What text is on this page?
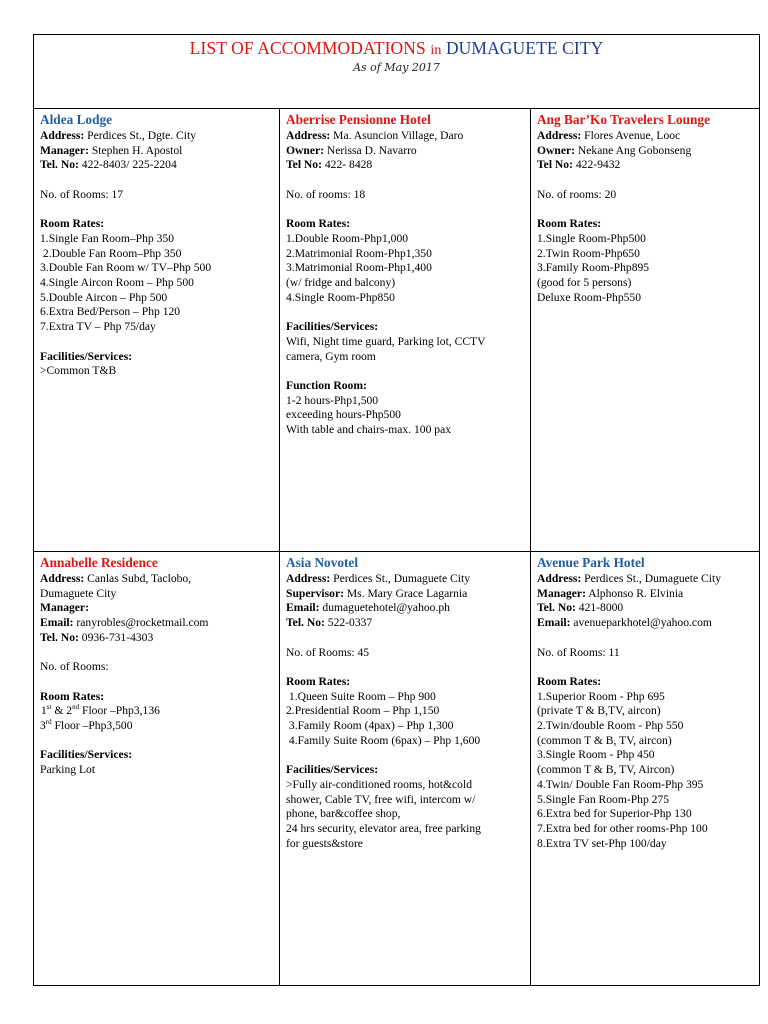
LIST OF ACCOMMODATIONS in DUMAGUETE CITY
As of May 2017
Aldea Lodge
Address: Perdices St., Dgte. City
Manager: Stephen H. Apostol
Tel. No: 422-8403/ 225-2204
No. of Rooms: 17
Room Rates:
1.Single Fan Room–Php 350
2.Double Fan Room–Php 350
3.Double Fan Room w/ TV–Php 500
4.Single Aircon Room – Php 500
5.Double Aircon – Php 500
6.Extra Bed/Person – Php 120
7.Extra TV – Php 75/day
Facilities/Services:
>Common T&B
Aberrise Pensionne Hotel
Address: Ma. Asuncion Village, Daro
Owner: Nerissa D. Navarro
Tel No: 422- 8428
No. of rooms: 18
Room Rates:
1.Double Room-Php1,000
2.Matrimonial Room-Php1,350
3.Matrimonial Room-Php1,400
(w/ fridge and balcony)
4.Single Room-Php850
Facilities/Services:
Wifi, Night time guard, Parking lot, CCTV
camera, Gym room
Function Room:
1-2 hours-Php1,500
exceeding hours-Php500
With table and chairs-max. 100 pax
Ang Bar’Ko Travelers Lounge
Address: Flores Avenue, Looc
Owner: Nekane Ang Gobonseng
Tel No: 422-9432
No. of rooms: 20
Room Rates:
1.Single Room-Php500
2.Twin Room-Php650
3.Family Room-Php895
(good for 5 persons)
Deluxe Room-Php550
Annabelle Residence
Address: Canlas Subd, Taclobo,
Dumaguete City
Manager:
Email: ranyrobles@rocketmail.com
Tel. No: 0936-731-4303
No. of Rooms:
Room Rates:
1st & 2nd Floor –Php3,136
3rd Floor –Php3,500
Facilities/Services:
Parking Lot
Asia Novotel
Address: Perdices St., Dumaguete City
Supervisor: Ms. Mary Grace Lagarnia
Email: dumaguetehotel@yahoo.ph
Tel. No: 522-0337
No. of Rooms: 45
Room Rates:
1.Queen Suite Room – Php 900
2.Presidential Room – Php 1,150
3.Family Room (4pax) – Php 1,300
4.Family Suite Room (6pax) – Php 1,600
Facilities/Services:
>Fully air-conditioned rooms, hot&cold
shower, Cable TV, free wifi, intercom w/
phone, bar&coffee shop,
24 hrs security, elevator area, free parking
for guests&store
Avenue Park Hotel
Address: Perdices St., Dumaguete City
Manager: Alphonso R. Elvinia
Tel. No: 421-8000
Email: avenueparkhotel@yahoo.com
No. of Rooms: 11
Room Rates:
1.Superior Room - Php 695
(private T & B,TV, aircon)
2.Twin/double Room - Php 550
(common T & B, TV, aircon)
3.Single Room - Php 450
(common T & B, TV, Aircon)
4.Twin/ Double Fan Room-Php 395
5.Single Fan Room-Php 275
6.Extra bed for Superior-Php 130
7.Extra bed for other rooms-Php 100
8.Extra TV set-Php 100/day
